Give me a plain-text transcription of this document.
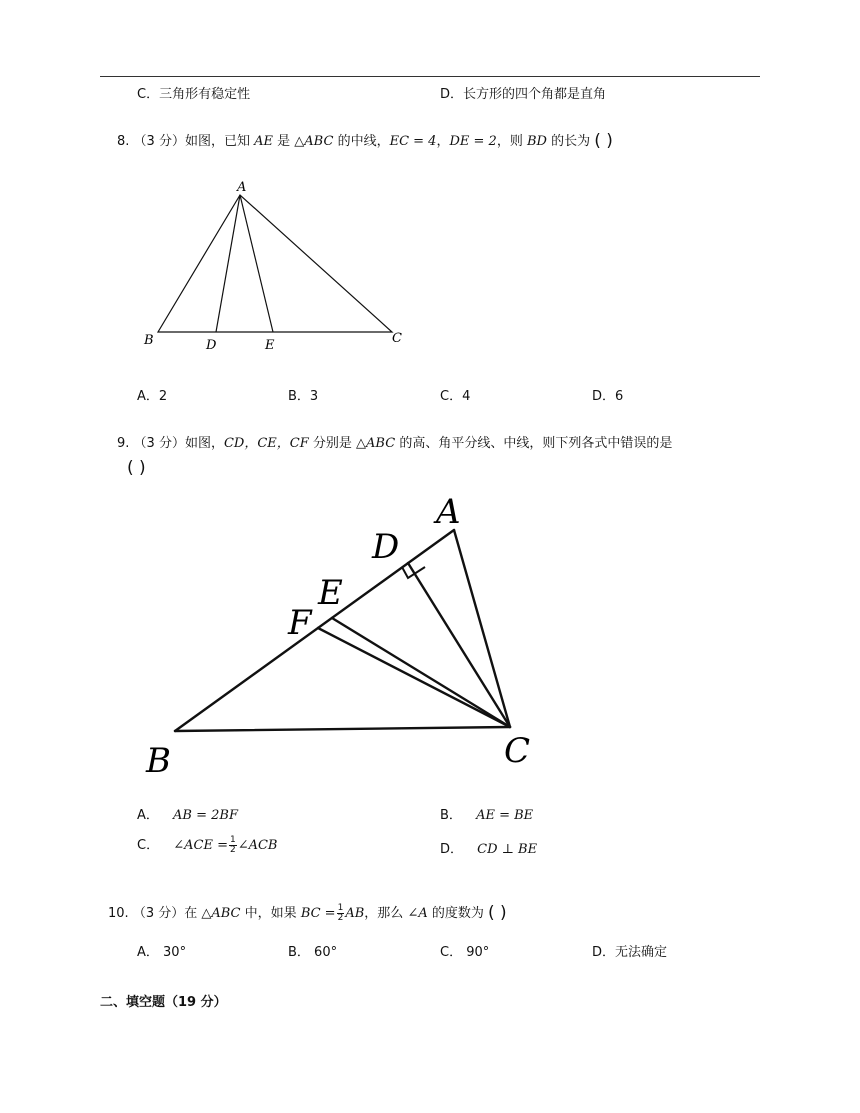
C．三角形有稳定性	D．长方形的四个角都是直角
8. （3 分）如图，已知 AE 是 △ABC 的中线，EC = 4，DE = 2，则 BD 的长为 ( )
A
B	D	E	C
A．2	B．3	C．4	D．6
9. （3 分）如图，CD，CE，CF 分别是 △ABC 的高、角平分线、中线，则下列各式中错误的是
( )
A
D
E
F
B	C
A． AB = 2BF	B． AE = BE
C． ∠ACE = $\frac{1}{2}$ ∠ACB	D． CD ⊥ BE
10. （3 分）在 △ABC 中，如果 BC = $\frac{1}{2}$ AB，那么 ∠A 的度数为 ( )
A． 30°	B． 60°	C． 90°	D．无法确定
二、填空题（19 分）
